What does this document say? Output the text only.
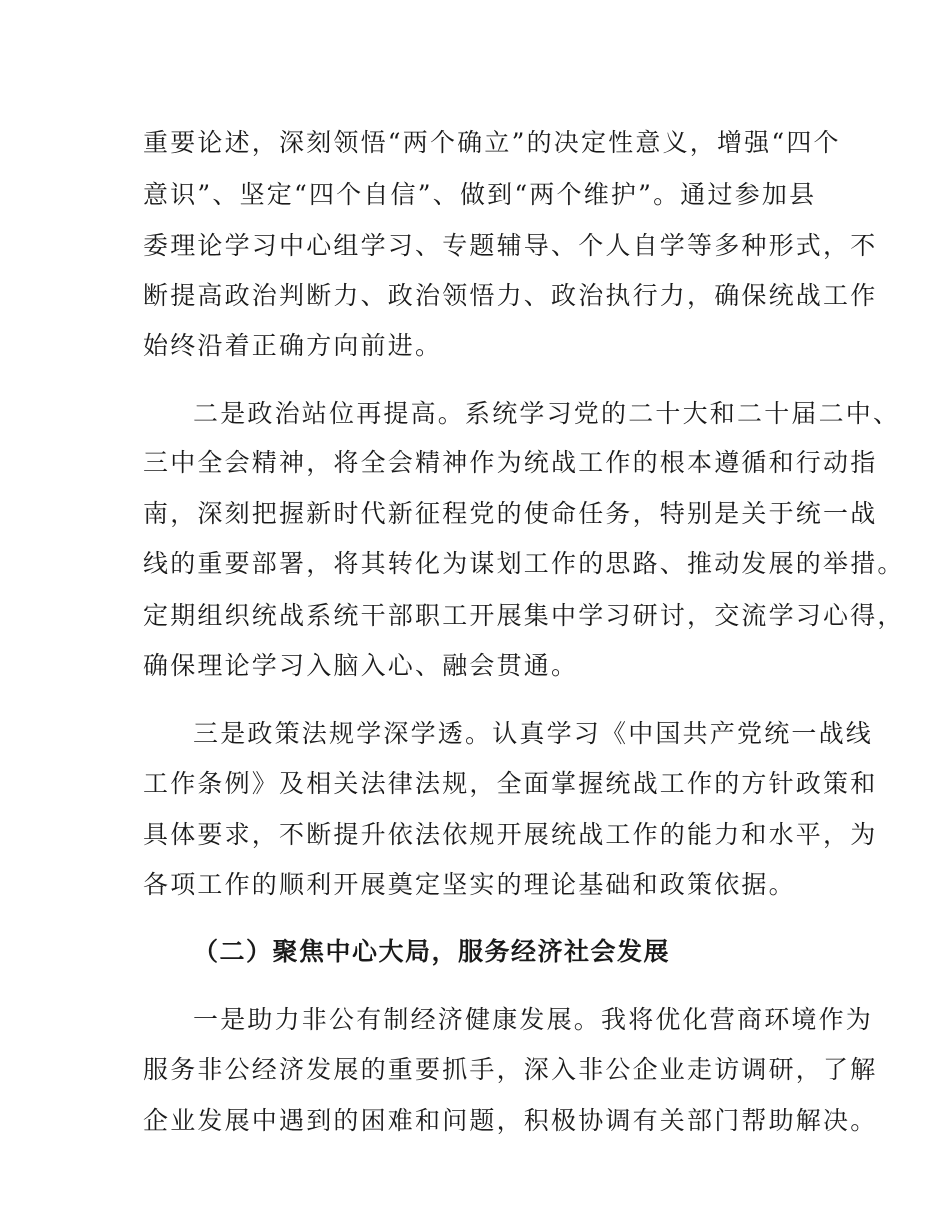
重要论述，深刻领悟“两个确立”的决定性意义，增强“四个
意识”、坚定“四个自信”、做到“两个维护”。通过参加县
委理论学习中心组学习、专题辅导、个人自学等多种形式，不
断提高政治判断力、政治领悟力、政治执行力，确保统战工作
始终沿着正确方向前进。
二是政治站位再提高。系统学习党的二十大和二十届二中、
三中全会精神，将全会精神作为统战工作的根本遵循和行动指
南，深刻把握新时代新征程党的使命任务，特别是关于统一战
线的重要部署，将其转化为谋划工作的思路、推动发展的举措。
定期组织统战系统干部职工开展集中学习研讨，交流学习心得，
确保理论学习入脑入心、融会贯通。
三是政策法规学深学透。认真学习《中国共产党统一战线
工作条例》及相关法律法规，全面掌握统战工作的方针政策和
具体要求，不断提升依法依规开展统战工作的能力和水平，为
各项工作的顺利开展奠定坚实的理论基础和政策依据。
（二）聚焦中心大局，服务经济社会发展
一是助力非公有制经济健康发展。我将优化营商环境作为
服务非公经济发展的重要抓手，深入非公企业走访调研，了解
企业发展中遇到的困难和问题，积极协调有关部门帮助解决。
